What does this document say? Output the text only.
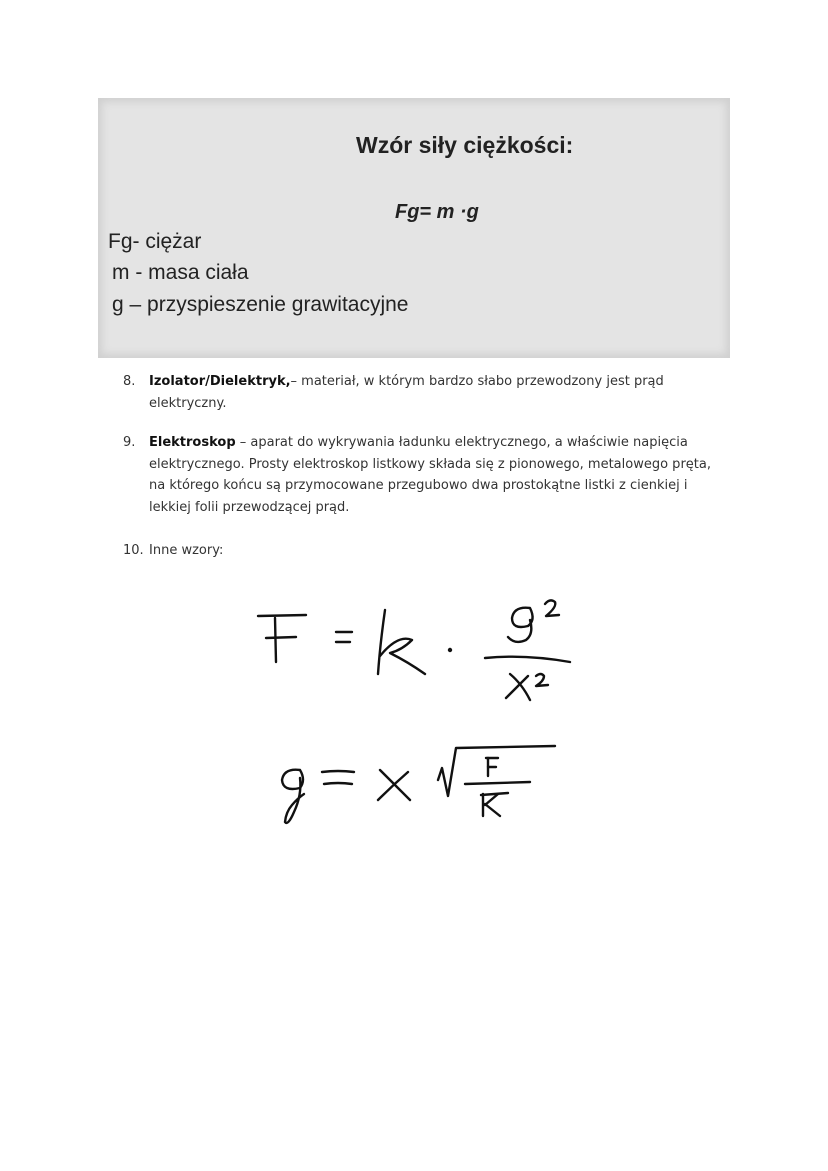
Wzór siły ciężkości:
Fg= m ·g
Fg- ciężar
m - masa ciała
g – przyspieszenie grawitacyjne
8. Izolator/Dielektryk,– materiał, w którym bardzo słabo przewodzony jest prąd elektryczny.
9. Elektroskop – aparat do wykrywania ładunku elektrycznego, a właściwie napięcia elektrycznego. Prosty elektroskop listkowy składa się z pionowego, metalowego pręta, na którego końcu są przymocowane przegubowo dwa prostokątne listki z cienkiej i lekkiej folii przewodzącej prąd.
10. Inne wzory:
